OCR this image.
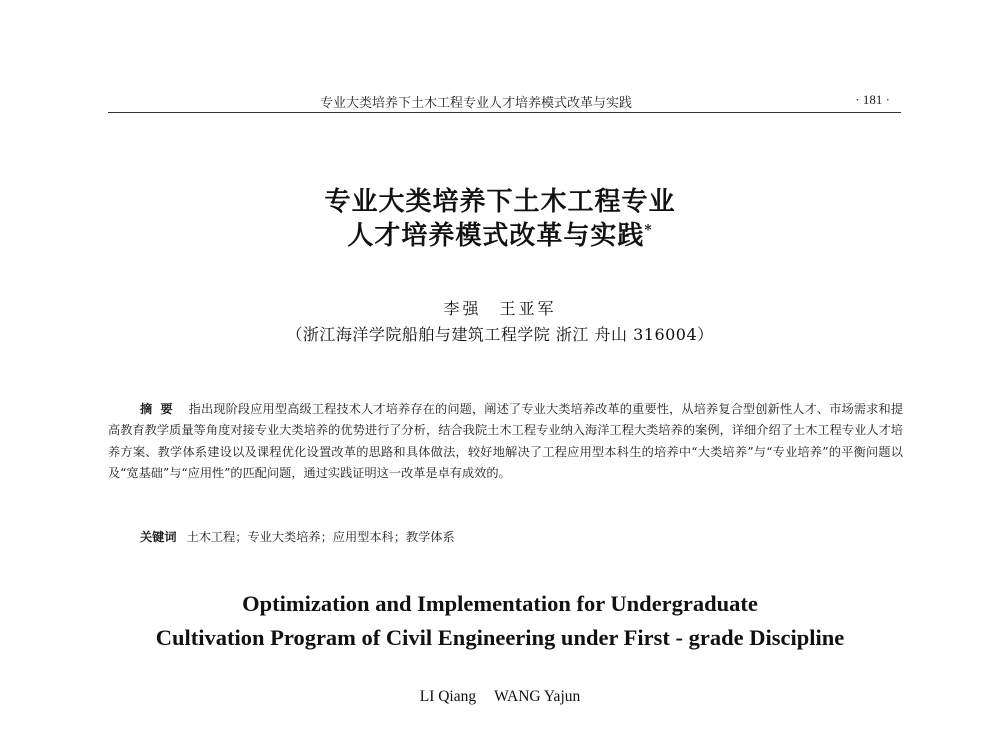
专业大类培养下土木工程专业人才培养模式改革与实践	· 181 ·
专业大类培养下土木工程专业
人才培养模式改革与实践*
李强 王亚军
（浙江海洋学院船舶与建筑工程学院 浙江 舟山 316004）
摘要 指出现阶段应用型高级工程技术人才培养存在的问题，阐述了专业大类培养改革的重要性，从培养复合型创新性人才、市场需求和提高教育教学质量等角度对接专业大类培养的优势进行了分析，结合我院土木工程专业纳入海洋工程大类培养的案例，详细介绍了土木工程专业人才培养方案、教学体系建设以及课程优化设置改革的思路和具体做法，较好地解决了工程应用型本科生的培养中“大类培养”与“专业培养”的平衡问题以及“宽基础”与“应用性”的匹配问题，通过实践证明这一改革是卓有成效的。
关键词 土木工程；专业大类培养；应用型本科；教学体系
Optimization and Implementation for Undergraduate
Cultivation Program of Civil Engineering under First - grade Discipline
LI Qiang WANG Yajun
